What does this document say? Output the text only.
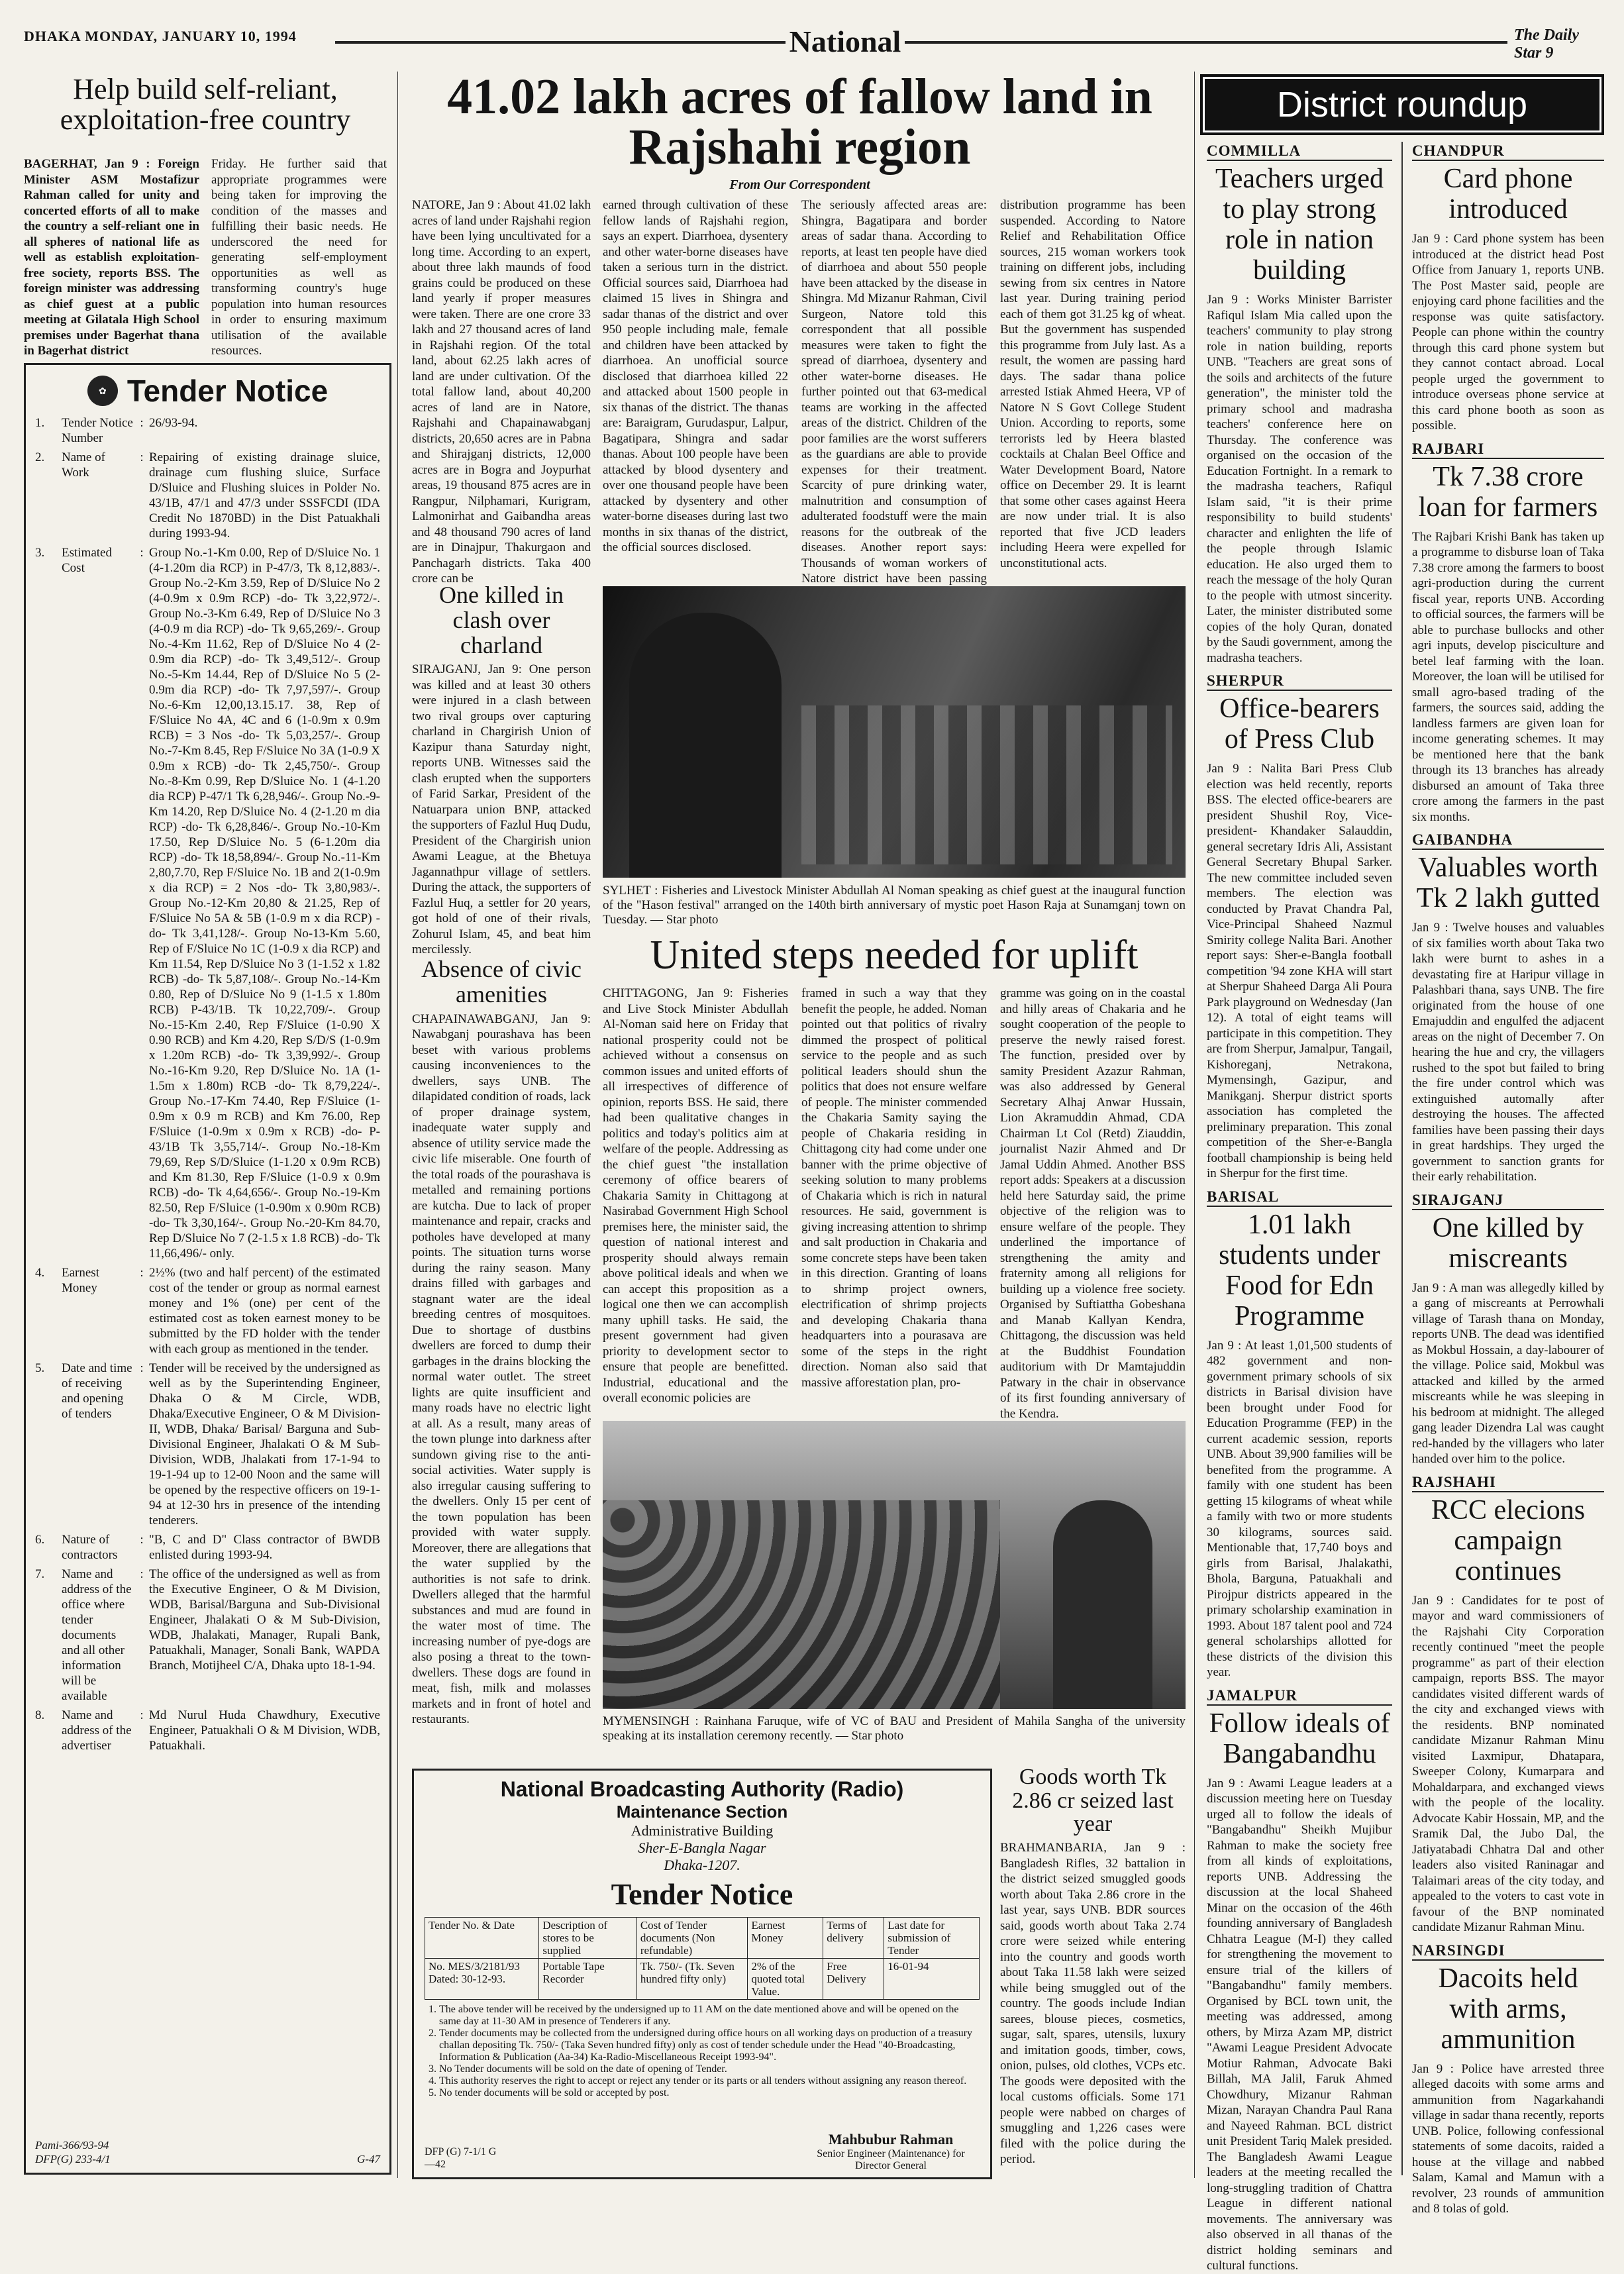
DHAKA MONDAY, JANUARY 10, 1994	National	The Daily Star 9
Help build self-reliant, exploitation-free country
BAGERHAT, Jan 9 : Foreign Minister ASM Mostafizur Rahman called for unity and concerted efforts of all to make the country a self-reliant one in all spheres of national life as well as establish exploitation-free society, reports BSS. The foreign minister was addressing as chief guest at a public meeting at Gilatala High School premises under Bagerhat thana in Bagerhat district
Friday. He further said that appropriate programmes were being taken for improving the condition of the masses and fulfilling their basic needs. He underscored the need for generating self-employment opportunities as well as transforming country's huge population into human resources in order to ensuring maximum utilisation of the available resources.
✿ Tender Notice
1.	Tender Notice Number
: 26/93-94.
2.	Name of Work
: Repairing of existing drainage sluice, drainage cum flushing sluice, Surface D/Sluice and Flushing sluices in Polder No. 43/1B, 47/1 and 47/3 under SSSFCDI (IDA Credit No 1870BD) in the Dist Patuakhali during 1993-94.
3.	Estimated Cost
: Group No.-1-Km 0.00, Rep of D/Sluice No. 1 (4-1.20m dia RCP) in P-47/3, Tk 8,12,883/-. Group No.-2-Km 3.59, Rep of D/Sluice No 2 (4-0.9m x 0.9m RCP) -do- Tk 3,22,972/-. Group No.-3-Km 6.49, Rep of D/Sluice No 3 (4-0.9 m dia RCP) -do- Tk 9,65,269/-. Group No.-4-Km 11.62, Rep of D/Sluice No 4 (2-0.9m dia RCP) -do- Tk 3,49,512/-. Group No.-5-Km 14.44, Rep of D/Sluice No 5 (2-0.9m dia RCP) -do- Tk 7,97,597/-. Group No.-6-Km 12,00,13.15.17. 38, Rep of F/Sluice No 4A, 4C and 6 (1-0.9m x 0.9m RCB) = 3 Nos -do- Tk 5,03,257/-. Group No.-7-Km 8.45, Rep F/Sluice No 3A (1-0.9 X 0.9m x RCB) -do- Tk 2,45,750/-. Group No.-8-Km 0.99, Rep D/Sluice No. 1 (4-1.20 dia RCP) P-47/1 Tk 6,28,946/-. Group No.-9-Km 14.20, Rep D/Sluice No. 4 (2-1.20 m dia RCP) -do- Tk 6,28,846/-. Group No.-10-Km 17.50, Rep D/Sluice No. 5 (6-1.20m dia RCP) -do- Tk 18,58,894/-. Group No.-11-Km 2,80,7.70, Rep F/Sluice No. 1B and 2(1-0.9m x dia RCP) = 2 Nos -do- Tk 3,80,983/-. Group No.-12-Km 20,80 & 21.25, Rep of F/Sluice No 5A & 5B (1-0.9 m x dia RCP) -do- Tk 3,41,128/-. Group No-13-Km 5.60, Rep of F/Sluice No 1C (1-0.9 x dia RCP) and Km 11.54, Rep D/Sluice No 3 (1-1.52 x 1.82 RCB) -do- Tk 5,87,108/-. Group No.-14-Km 0.80, Rep of D/Sluice No 9 (1-1.5 x 1.80m RCB) P-43/1B. Tk 10,22,709/-. Group No.-15-Km 2.40, Rep F/Sluice (1-0.90 X 0.90 RCB) and Km 4.20, Rep S/D/S (1-0.9m x 1.20m RCB) -do- Tk 3,39,992/-. Group No.-16-Km 9.20, Rep D/Sluice No. 1A (1-1.5m x 1.80m) RCB -do- Tk 8,79,224/-. Group No.-17-Km 74.40, Rep F/Sluice (1-0.9m x 0.9 m RCB) and Km 76.00, Rep F/Sluice (1-0.9m x 0.9m x RCB) -do- P-43/1B Tk 3,55,714/-. Group No.-18-Km 79,69, Rep S/D/Sluice (1-1.20 x 0.9m RCB) and Km 81.30, Rep F/Sluice (1-0.9 x 0.9m RCB) -do- Tk 4,64,656/-. Group No.-19-Km 82.50, Rep F/Sluice (1-0.90m x 0.90m RCB) -do- Tk 3,30,164/-. Group No.-20-Km 84.70, Rep D/Sluice No 7 (2-1.5 x 1.8 RCB) -do- Tk 11,66,496/- only.
4.	Earnest Money
: 2½% (two and half percent) of the estimated cost of the tender or group as normal earnest money and 1% (one) per cent of the estimated cost as token earnest money to be submitted by the FD holder with the tender with each group as mentioned in the tender.
5.	Date and time of receiving and opening of tenders
: Tender will be received by the undersigned as well as by the Superintending Engineer, Dhaka O & M Circle, WDB, Dhaka/Executive Engineer, O & M Division-II, WDB, Dhaka/ Barisal/ Barguna and Sub-Divisional Engineer, Jhalakati O & M Sub-Division, WDB, Jhalakati from 17-1-94 to 19-1-94 up to 12-00 Noon and the same will be opened by the respective officers on 19-1-94 at 12-30 hrs in presence of the intending tenderers.
6.	Nature of contractors
: "B, C and D" Class contractor of BWDB enlisted during 1993-94.
7.	Name and address of the office where tender documents and all other information will be available
: The office of the undersigned as well as from the Executive Engineer, O & M Division, WDB, Barisal/Barguna and Sub-Divisional Engineer, Jhalakati O & M Sub-Division, WDB, Jhalakati, Manager, Rupali Bank, Patuakhali, Manager, Sonali Bank, WAPDA Branch, Motijheel C/A, Dhaka upto 18-1-94.
8.	Name and address of the advertiser
: Md Nurul Huda Chawdhury, Executive Engineer, Patuakhali O & M Division, WDB, Patuakhali.
Pami-366/93-94 DFP(G) 233-4/1	G-47
41.02 lakh acres of fallow land in Rajshahi region
From Our Correspondent
NATORE, Jan 9 : About 41.02 lakh acres of land under Rajshahi region have been lying uncultivated for a long time. According to an expert, about three lakh maunds of food grains could be produced on these land yearly if proper measures were taken. There are one crore 33 lakh and 27 thousand acres of land in Rajshahi region. Of the total land, about 62.25 lakh acres of land are under cultivation. Of the total fallow land, about 40,200 acres of land are in Natore, Rajshahi and Chapainawabganj districts, 20,650 acres are in Pabna and Shirajganj districts, 12,000 acres are in Bogra and Joypurhat areas, 19 thousand 875 acres are in Rangpur, Nilphamari, Kurigram, Lalmonirhat and Gaibandha areas and 48 thousand 790 acres of land are in Dinajpur, Thakurgaon and Panchagarh districts. Taka 400 crore can be
earned through cultivation of these fellow lands of Rajshahi region, says an expert. Diarrhoea, dysentery and other water-borne diseases have taken a serious turn in the district. Official sources said, Diarrhoea had claimed 15 lives in Shingra and sadar thanas of the district and over 950 people including male, female and children have been attacked by diarrhoea. An unofficial source disclosed that diarrhoea killed 22 and attacked about 1500 people in six thanas of the district. The thanas are: Baraigram, Gurudaspur, Lalpur, Bagatipara, Shingra and sadar thanas. About 100 people have been attacked by blood dysentery and over one thousand people have been attacked by dysentery and other water-borne diseases during last two months in six thanas of the district, the official sources disclosed.
The seriously affected areas are: Shingra, Bagatipara and border areas of sadar thana. According to reports, at least ten people have died of diarrhoea and about 550 people have been attacked by the disease in Shingra. Md Mizanur Rahman, Civil Surgeon, Natore told this correspondent that all possible measures were taken to fight the spread of diarrhoea, dysentery and other water-borne diseases. He further pointed out that 63-medical teams are working in the affected areas of the district. Children of the poor families are the worst sufferers as the guardians are able to provide expenses for their treatment. Scarcity of pure drinking water, malnutrition and consumption of adulterated foodstuff were the main reasons for the outbreak of the diseases. Another report says: Thousands of woman workers of Natore district have been passing
distribution programme has been suspended. According to Natore Relief and Rehabilitation Office sources, 215 woman workers took training on different jobs, including sewing from six centres in Natore last year. During training period each of them got 31.25 kg of wheat. But the government has suspended this programme from July last. As a result, the women are passing hard days. The sadar thana police arrested Istiak Ahmed Heera, VP of Natore N S Govt College Student Union. According to reports, some terrorists led by Heera blasted cocktails at Chalan Beel Office and Water Development Board, Natore office on December 29. It is learnt that some other cases against Heera are now under trial. It is also reported that five JCD leaders including Heera were expelled for unconstitutional acts.
One killed in clash over charland
SIRAJGANJ, Jan 9: One person was killed and at least 30 others were injured in a clash between two rival groups over capturing charland in Chargirish Union of Kazipur thana Saturday night, reports UNB. Witnesses said the clash erupted when the supporters of Farid Sarkar, President of the Natuarpara union BNP, attacked the supporters of Fazlul Huq Dudu, President of the Chargirish union Awami League, at the Bhetuya Jagannathpur village of settlers. During the attack, the supporters of Fazlul Huq, a settler for 20 years, got hold of one of their rivals, Zohurul Islam, 45, and beat him mercilessly.
Absence of civic amenities
CHAPAINAWABGANJ, Jan 9: Nawabganj pourashava has been beset with various problems causing inconveniences to the dwellers, says UNB. The dilapidated condition of roads, lack of proper drainage system, inadequate water supply and absence of utility service made the civic life miserable. One fourth of the total roads of the pourashava is metalled and remaining portions are kutcha. Due to lack of proper maintenance and repair, cracks and potholes have developed at many points. The situation turns worse during the rainy season. Many drains filled with garbages and stagnant water are the ideal breeding centres of mosquitoes. Due to shortage of dustbins dwellers are forced to dump their garbages in the drains blocking the normal water outlet. The street lights are quite insufficient and many roads have no electric light at all. As a result, many areas of the town plunge into darkness after sundown giving rise to the anti-social activities. Water supply is also irregular causing suffering to the dwellers. Only 15 per cent of the town population has been provided with water supply. Moreover, there are allegations that the water supplied by the authorities is not safe to drink. Dwellers alleged that the harmful substances and mud are found in the water most of time. The increasing number of pye-dogs are also posing a threat to the town-dwellers. These dogs are found in meat, fish, milk and molasses markets and in front of hotel and restaurants.
SYLHET : Fisheries and Livestock Minister Abdullah Al Noman speaking as chief guest at the inaugural function of the "Hason festival" arranged on the 140th birth anniversary of mystic poet Hason Raja at Sunamganj town on Tuesday. — Star photo
United steps needed for uplift
CHITTAGONG, Jan 9: Fisheries and Live Stock Minister Abdullah Al-Noman said here on Friday that national prosperity could not be achieved without a consensus on common issues and united efforts of all irrespectives of difference of opinion, reports BSS. He said, there had been qualitative changes in politics and today's politics aim at welfare of the people. Addressing as the chief guest "the installation ceremony of office bearers of Chakaria Samity in Chittagong at Nasirabad Government High School premises here, the minister said, the question of national interest and prosperity should always remain above political ideals and when we can accept this proposition as a logical one then we can accomplish many uphill tasks. He said, the present government had given priority to development sector to ensure that people are benefitted. Industrial, educational and the overall economic policies are
framed in such a way that they benefit the people, he added. Noman pointed out that politics of rivalry dimmed the prospect of political service to the people and as such political leaders should shun the politics that does not ensure welfare of people. The minister commended the Chakaria Samity saying the people of Chakaria residing in Chittagong city had come under one banner with the prime objective of seeking solution to many problems of Chakaria which is rich in natural resources. He said, government is giving increasing attention to shrimp and salt production in Chakaria and some concrete steps have been taken in this direction. Granting of loans to shrimp project owners, electrification of shrimp projects and developing Chakaria thana headquarters into a pourasava are some of the steps in the right direction. Noman also said that massive afforestation plan, pro-
gramme was going on in the coastal and hilly areas of Chakaria and he sought cooperation of the people to preserve the newly raised forest. The function, presided over by samity President Azazur Rahman, was also addressed by General Secretary Alhaj Anwar Hussain, Lion Akramuddin Ahmad, CDA Chairman Lt Col (Retd) Ziauddin, journalist Nazir Ahmed and Dr Jamal Uddin Ahmed. Another BSS report adds: Speakers at a discussion held here Saturday said, the prime objective of the religion was to ensure welfare of the people. They underlined the importance of strengthening the amity and fraternity among all religions for building up a violence free society. Organised by Suftiattha Gobeshana and Manab Kallyan Kendra, Chittagong, the discussion was held at the Buddhist Foundation auditorium with Dr Mamtajuddin Patwary in the chair in observance of its first founding anniversary of the Kendra.
MYMENSINGH : Rainhana Faruque, wife of VC of BAU and President of Mahila Sangha of the university speaking at its installation ceremony recently. — Star photo
National Broadcasting Authority (Radio)
Maintenance Section
Administrative Building
Sher-E-Bangla Nagar
Dhaka-1207.
Tender Notice
Tender No. & Date	Description of stores to be supplied	Cost of Tender documents (Non refundable)	Earnest Money	Terms of delivery	Last date for submission of Tender
No. MES/3/2181/93 Dated: 30-12-93.	Portable Tape Recorder	Tk. 750/- (Tk. Seven hundred fifty only)	2% of the quoted total Value.	Free Delivery	16-01-94
1. The above tender will be received by the undersigned up to 11 AM on the date mentioned above and will be opened on the same day at 11-30 AM in presence of Tenderers if any.
2. Tender documents may be collected from the undersigned during office hours on all working days on production of a treasury challan depositing Tk. 750/- (Taka Seven hundred fifty) only as cost of tender schedule under the Head "40-Broadcasting, Information & Publication (Aa-34) Ka-Radio-Miscellaneous Receipt 1993-94".
3. No Tender documents will be sold on the date of opening of Tender.
4. This authority reserves the right to accept or reject any tender or its parts or all tenders without assigning any reason thereof.
5. No tender documents will be sold or accepted by post.
DFP (G) 7-1/1 G—42
Mahbubur Rahman
Senior Engineer (Maintenance) for Director General
Goods worth Tk 2.86 cr seized last year
BRAHMANBARIA, Jan 9 : Bangladesh Rifles, 32 battalion in the district seized smuggled goods worth about Taka 2.86 crore in the last year, says UNB. BDR sources said, goods worth about Taka 2.74 crore were seized while entering into the country and goods worth about Taka 11.58 lakh were seized while being smuggled out of the country. The goods include Indian sarees, blouse pieces, cosmetics, sugar, salt, spares, utensils, luxury and imitation goods, timber, cows, onion, pulses, old clothes, VCPs etc. The goods were deposited with the local customs officials. Some 171 people were nabbed on charges of smuggling and 1,226 cases were filed with the police during the period.
District roundup
COMMILLA
Teachers urged to play strong role in nation building
Jan 9 : Works Minister Barrister Rafiqul Islam Mia called upon the teachers' community to play strong role in nation building, reports UNB. "Teachers are great sons of the soils and architects of the future generation", the minister told the primary school and madrasha teachers' conference here on Thursday. The conference was organised on the occasion of the Education Fortnight. In a remark to the madrasha teachers, Rafiqul Islam said, "it is their prime responsibility to build students' character and enlighten the life of the people through Islamic education. He also urged them to reach the message of the holy Quran to the people with utmost sincerity. Later, the minister distributed some copies of the holy Quran, donated by the Saudi government, among the madrasha teachers.
SHERPUR
Office-bearers of Press Club
Jan 9 : Nalita Bari Press Club election was held recently, reports BSS. The elected office-bearers are president Shushil Roy, Vice-president- Khandaker Salauddin, general secretary Idris Ali, Assistant General Secretary Bhupal Sarker. The new committee included seven members. The election was conducted by Pravat Chandra Pal, Vice-Principal Shaheed Nazmul Smirity college Nalita Bari. Another report says: Sher-e-Bangla football competition '94 zone KHA will start at Sherpur Shaheed Darga Ali Poura Park playground on Wednesday (Jan 12). A total of eight teams will participate in this competition. They are from Sherpur, Jamalpur, Tangail, Kishoreganj, Netrakona, Mymensingh, Gazipur, and Manikganj. Sherpur district sports association has completed the preliminary preparation. This zonal competition of the Sher-e-Bangla football championship is being held in Sherpur for the first time.
BARISAL
1.01 lakh students under Food for Edn Programme
Jan 9 : At least 1,01,500 students of 482 government and non-government primary schools of six districts in Barisal division have been brought under Food for Education Programme (FEP) in the current academic session, reports UNB. About 39,900 families will be benefited from the programme. A family with one student has been getting 15 kilograms of wheat while a family with two or more students 30 kilograms, sources said. Mentionable that, 17,740 boys and girls from Barisal, Jhalakathi, Bhola, Barguna, Patuakhali and Pirojpur districts appeared in the primary scholarship examination in 1993. About 187 talent pool and 724 general scholarships allotted for these districts of the division this year.
JAMALPUR
Follow ideals of Bangabandhu
Jan 9 : Awami League leaders at a discussion meeting here on Tuesday urged all to follow the ideals of "Bangabandhu" Sheikh Mujibur Rahman to make the society free from all kinds of exploitations, reports UNB. Addressing the discussion at the local Shaheed Minar on the occasion of the 46th founding anniversary of Bangladesh Chhatra League (M-I) they called for strengthening the movement to ensure trial of the killers of "Bangabandhu" family members. Organised by BCL town unit, the meeting was addressed, among others, by Mirza Azam MP, district "Awami League President Advocate Motiur Rahman, Advocate Baki Billah, MA Jalil, Faruk Ahmed Chowdhury, Mizanur Rahman Mizan, Narayan Chandra Paul Rana and Nayeed Rahman. BCL district unit President Tariq Malek presided. The Bangladesh Awami League leaders at the meeting recalled the long-struggling tradition of Chattra League in different national movements. The anniversary was also observed in all thanas of the district holding seminars and cultural functions.
CHANDPUR
Card phone introduced
Jan 9 : Card phone system has been introduced at the district head Post Office from January 1, reports UNB. The Post Master said, people are enjoying card phone facilities and the response was quite satisfactory. People can phone within the country through this card phone system but they cannot contact abroad. Local people urged the government to introduce overseas phone service at this card phone booth as soon as possible.
RAJBARI
Tk 7.38 crore loan for farmers
The Rajbari Krishi Bank has taken up a programme to disburse loan of Taka 7.38 crore among the farmers to boost agri-production during the current fiscal year, reports UNB. According to official sources, the farmers will be able to purchase bullocks and other agri inputs, develop pisciculture and betel leaf farming with the loan. Moreover, the loan will be utilised for small agro-based trading of the farmers, the sources said, adding the landless farmers are given loan for income generating schemes. It may be mentioned here that the bank through its 13 branches has already disbursed an amount of Taka three crore among the farmers in the past six months.
GAIBANDHA
Valuables worth Tk 2 lakh gutted
Jan 9 : Twelve houses and valuables of six families worth about Taka two lakh were burnt to ashes in a devastating fire at Haripur village in Palashbari thana, says UNB. The fire originated from the house of one Emajuddin and engulfed the adjacent areas on the night of December 7. On hearing the hue and cry, the villagers rushed to the spot but failed to bring the fire under control which was extinguished automally after destroying the houses. The affected families have been passing their days in great hardships. They urged the government to sanction grants for their early rehabilitation.
SIRAJGANJ
One killed by miscreants
Jan 9 : A man was allegedly killed by a gang of miscreants at Perrowhali village of Tarash thana on Monday, reports UNB. The dead was identified as Mokbul Hossain, a day-labourer of the village. Police said, Mokbul was attacked and killed by the armed miscreants while he was sleeping in his bedroom at midnight. The alleged gang leader Dizendra Lal was caught red-handed by the villagers who later handed over him to the police.
RAJSHAHI
RCC elecions campaign continues
Jan 9 : Candidates for te post of mayor and ward commissioners of the Rajshahi City Corporation recently continued "meet the people programme" as part of their election campaign, reports BSS. The mayor candidates visited different wards of the city and exchanged views with the residents. BNP nominated candidate Mizanur Rahman Minu visited Laxmipur, Dhatapara, Sweeper Colony, Kumarpara and Mohaldarpara, and exchanged views with the people of the locality. Advocate Kabir Hossain, MP, and the Sramik Dal, the Jubo Dal, the Jatiyatabadi Chhatra Dal and other leaders also visited Raninagar and Talaimari areas of the city today, and appealed to the voters to cast vote in favour of the BNP nominated candidate Mizanur Rahman Minu.
NARSINGDI
Dacoits held with arms, ammunition
Jan 9 : Police have arrested three alleged dacoits with some arms and ammunition from Nagarkahandi village in sadar thana recently, reports UNB. Police, following confessional statements of some dacoits, raided a house at the village and nabbed Salam, Kamal and Mamun with a revolver, 23 rounds of ammunition and 8 tolas of gold.
